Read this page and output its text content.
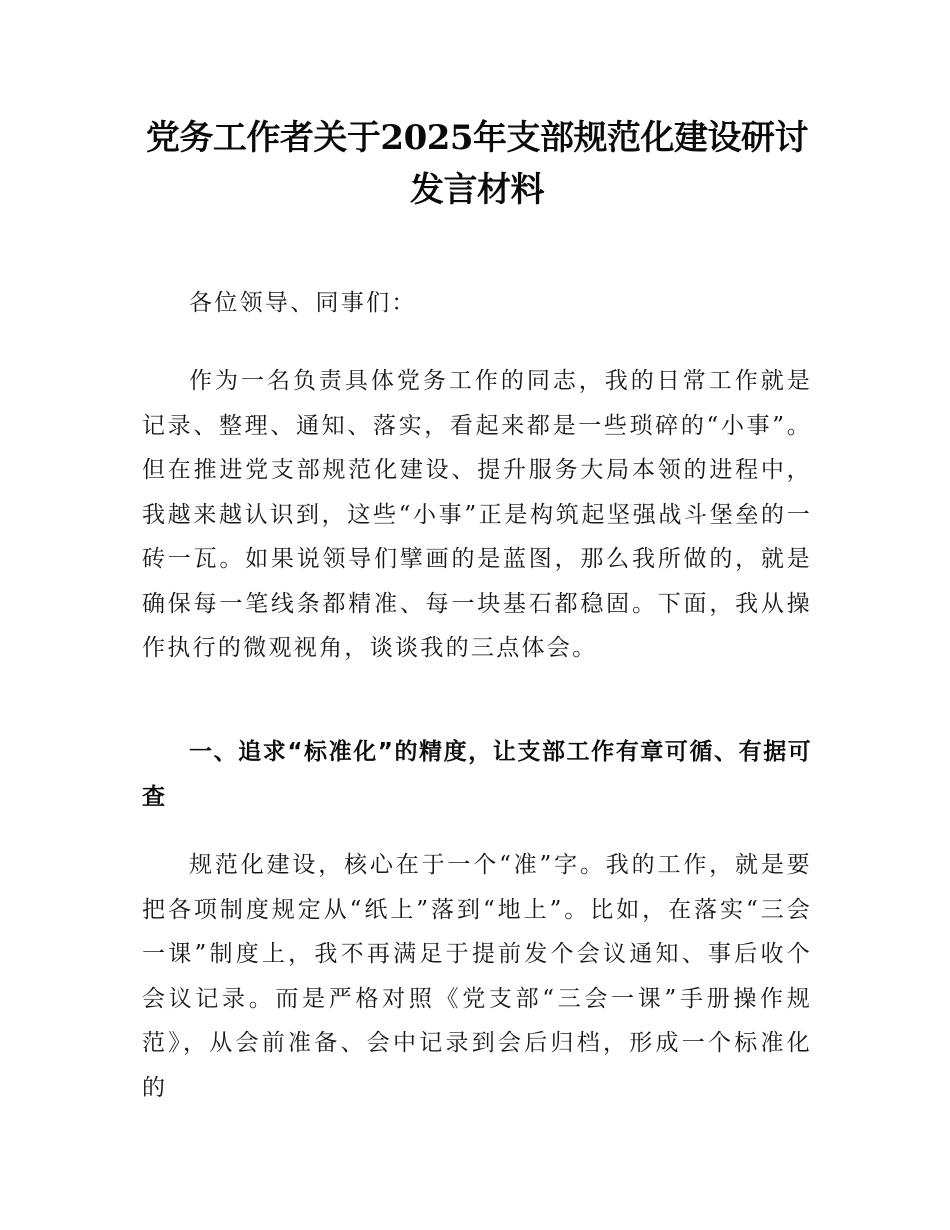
党务工作者关于2025年支部规范化建设研讨发言材料

各位领导、同事们：

作为一名负责具体党务工作的同志，我的日常工作就是记录、整理、通知、落实，看起来都是一些琐碎的“小事”。但在推进党支部规范化建设、提升服务大局本领的进程中，我越来越认识到，这些“小事”正是构筑起坚强战斗堡垒的一砖一瓦。如果说领导们擘画的是蓝图，那么我所做的，就是确保每一笔线条都精准、每一块基石都稳固。下面，我从操作执行的微观视角，谈谈我的三点体会。

一、追求“标准化”的精度，让支部工作有章可循、有据可查

规范化建设，核心在于一个“准”字。我的工作，就是要把各项制度规定从“纸上”落到“地上”。比如，在落实“三会一课”制度上，我不再满足于提前发个会议通知、事后收个会议记录。而是严格对照《党支部“三会一课”手册操作规范》，从会前准备、会中记录到会后归档，形成一个标准化的
